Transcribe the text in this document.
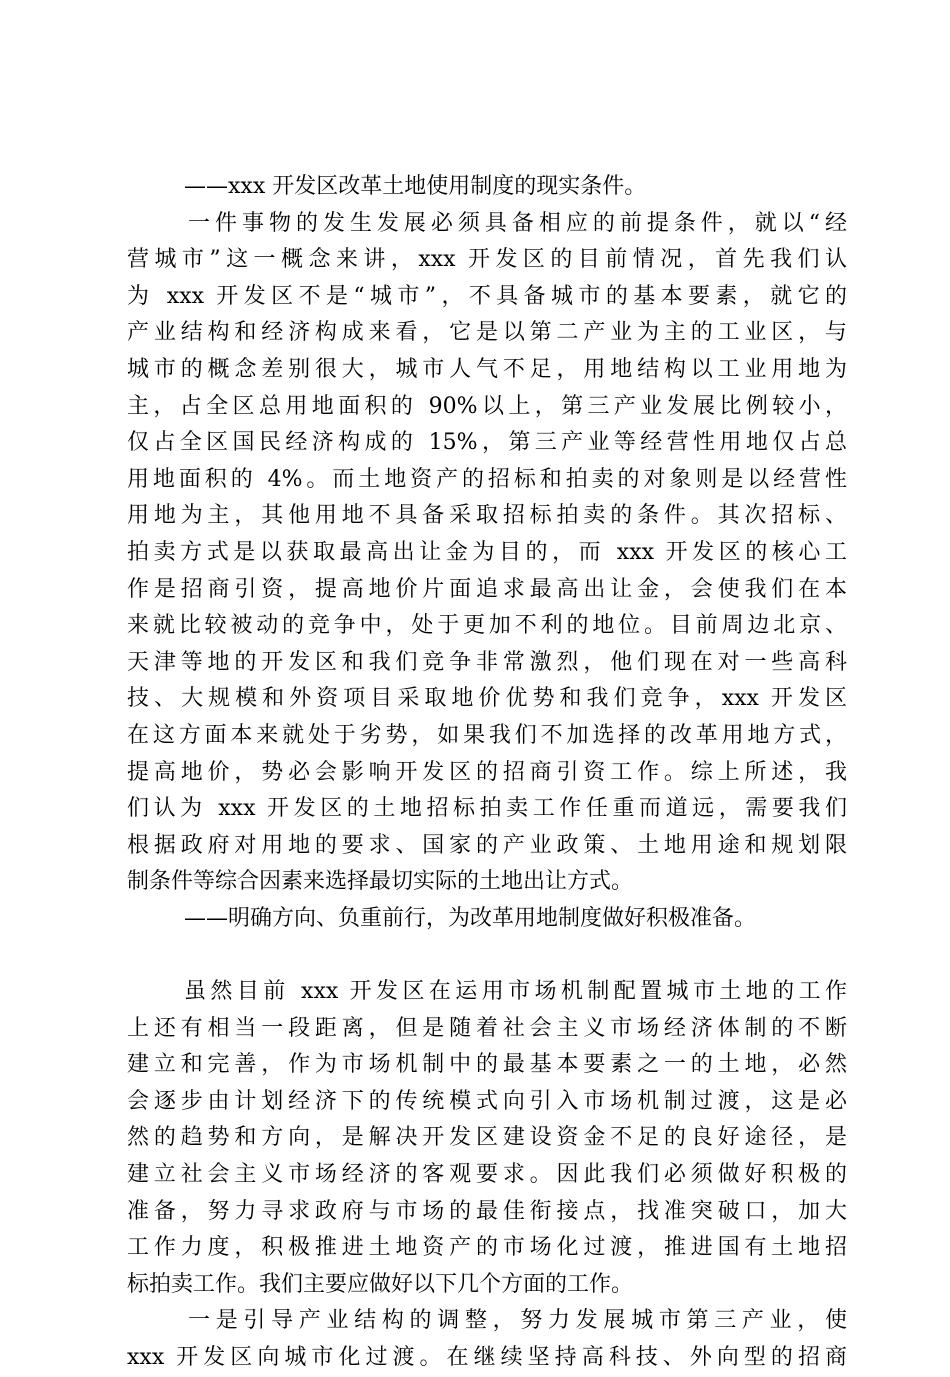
——xxx 开发区改革土地使用制度的现实条件。
一件事物的发生发展必须具备相应的前提条件，就以“经
营城市”这一概念来讲，xxx 开发区的目前情况，首先我们认
为 xxx 开发区不是“城市”，不具备城市的基本要素，就它的
产业结构和经济构成来看，它是以第二产业为主的工业区，与
城市的概念差别很大，城市人气不足，用地结构以工业用地为
主，占全区总用地面积的 90%以上，第三产业发展比例较小，
仅占全区国民经济构成的 15%，第三产业等经营性用地仅占总
用地面积的 4%。而土地资产的招标和拍卖的对象则是以经营性
用地为主，其他用地不具备采取招标拍卖的条件。其次招标、
拍卖方式是以获取最高出让金为目的，而 xxx 开发区的核心工
作是招商引资，提高地价片面追求最高出让金，会使我们在本
来就比较被动的竞争中，处于更加不利的地位。目前周边北京、
天津等地的开发区和我们竞争非常激烈，他们现在对一些高科
技、大规模和外资项目采取地价优势和我们竞争，xxx 开发区
在这方面本来就处于劣势，如果我们不加选择的改革用地方式，
提高地价，势必会影响开发区的招商引资工作。综上所述，我
们认为 xxx 开发区的土地招标拍卖工作任重而道远，需要我们
根据政府对用地的要求、国家的产业政策、土地用途和规划限
制条件等综合因素来选择最切实际的土地出让方式。
——明确方向、负重前行，为改革用地制度做好积极准备。
虽然目前 xxx 开发区在运用市场机制配置城市土地的工作
上还有相当一段距离，但是随着社会主义市场经济体制的不断
建立和完善，作为市场机制中的最基本要素之一的土地，必然
会逐步由计划经济下的传统模式向引入市场机制过渡，这是必
然的趋势和方向，是解决开发区建设资金不足的良好途径，是
建立社会主义市场经济的客观要求。因此我们必须做好积极的
准备，努力寻求政府与市场的最佳衔接点，找准突破口，加大
工作力度，积极推进土地资产的市场化过渡，推进国有土地招
标拍卖工作。我们主要应做好以下几个方面的工作。
一是引导产业结构的调整，努力发展城市第三产业，使
xxx 开发区向城市化过渡。在继续坚持高科技、外向型的招商
